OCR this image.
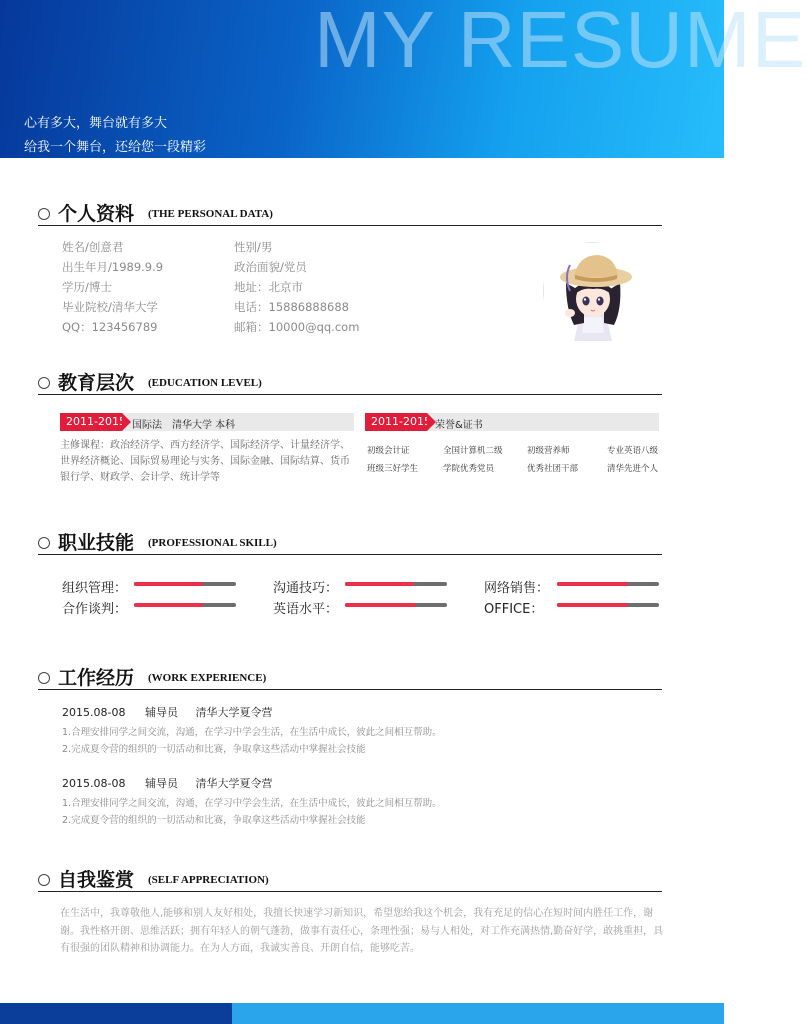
MY RESUME
心有多大，舞台就有多大
给我一个舞台，还给您一段精彩
个人资料 (THE PERSONAL DATA)
姓名/创意君	性别/男
出生年月/1989.9.9	政治面貌/党员
学历/博士	地址：北京市
毕业院校/清华大学	电话：15886888688
QQ：123456789	邮箱：10000@qq.com
教育层次 (EDUCATION LEVEL)
2011-2015 国际法 清华大学 本科
主修课程：政治经济学、西方经济学、国际经济学、计量经济学、世界经济概论、国际贸易理论与实务、国际金融、国际结算、货币银行学、财政学、会计学、统计学等
2011-2015 荣誉&证书
初级会计证	全国计算机二级	初级营养师	专业英语八级
班级三好学生	学院优秀党员	优秀社团干部	清华先进个人
职业技能 (PROFESSIONAL SKILL)
组织管理：	沟通技巧：	网络销售：
合作谈判：	英语水平：	OFFICE：
工作经历 (WORK EXPERIENCE)
2015.08-08 辅导员 清华大学夏令营
1.合理安排同学之间交流，沟通，在学习中学会生活，在生活中成长，彼此之间相互帮助。
2.完成夏令营的组织的一切活动和比赛，争取拿这些活动中掌握社会技能
2015.08-08 辅导员 清华大学夏令营
1.合理安排同学之间交流，沟通，在学习中学会生活，在生活中成长，彼此之间相互帮助。
2.完成夏令营的组织的一切活动和比赛，争取拿这些活动中掌握社会技能
自我鉴赏 (SELF APPRECIATION)
在生活中，我尊敬他人,能够和别人友好相处，我擅长快速学习新知识，希望您给我这个机会，我有充足的信心在短时间内胜任工作，谢谢。我性格开朗、思维活跃；拥有年轻人的朝气蓬勃，做事有责任心，条理性强；易与人相处，对工作充满热情,勤奋好学，敢挑重担，具有很强的团队精神和协调能力。在为人方面，我诚实善良、开朗自信，能够吃苦。
